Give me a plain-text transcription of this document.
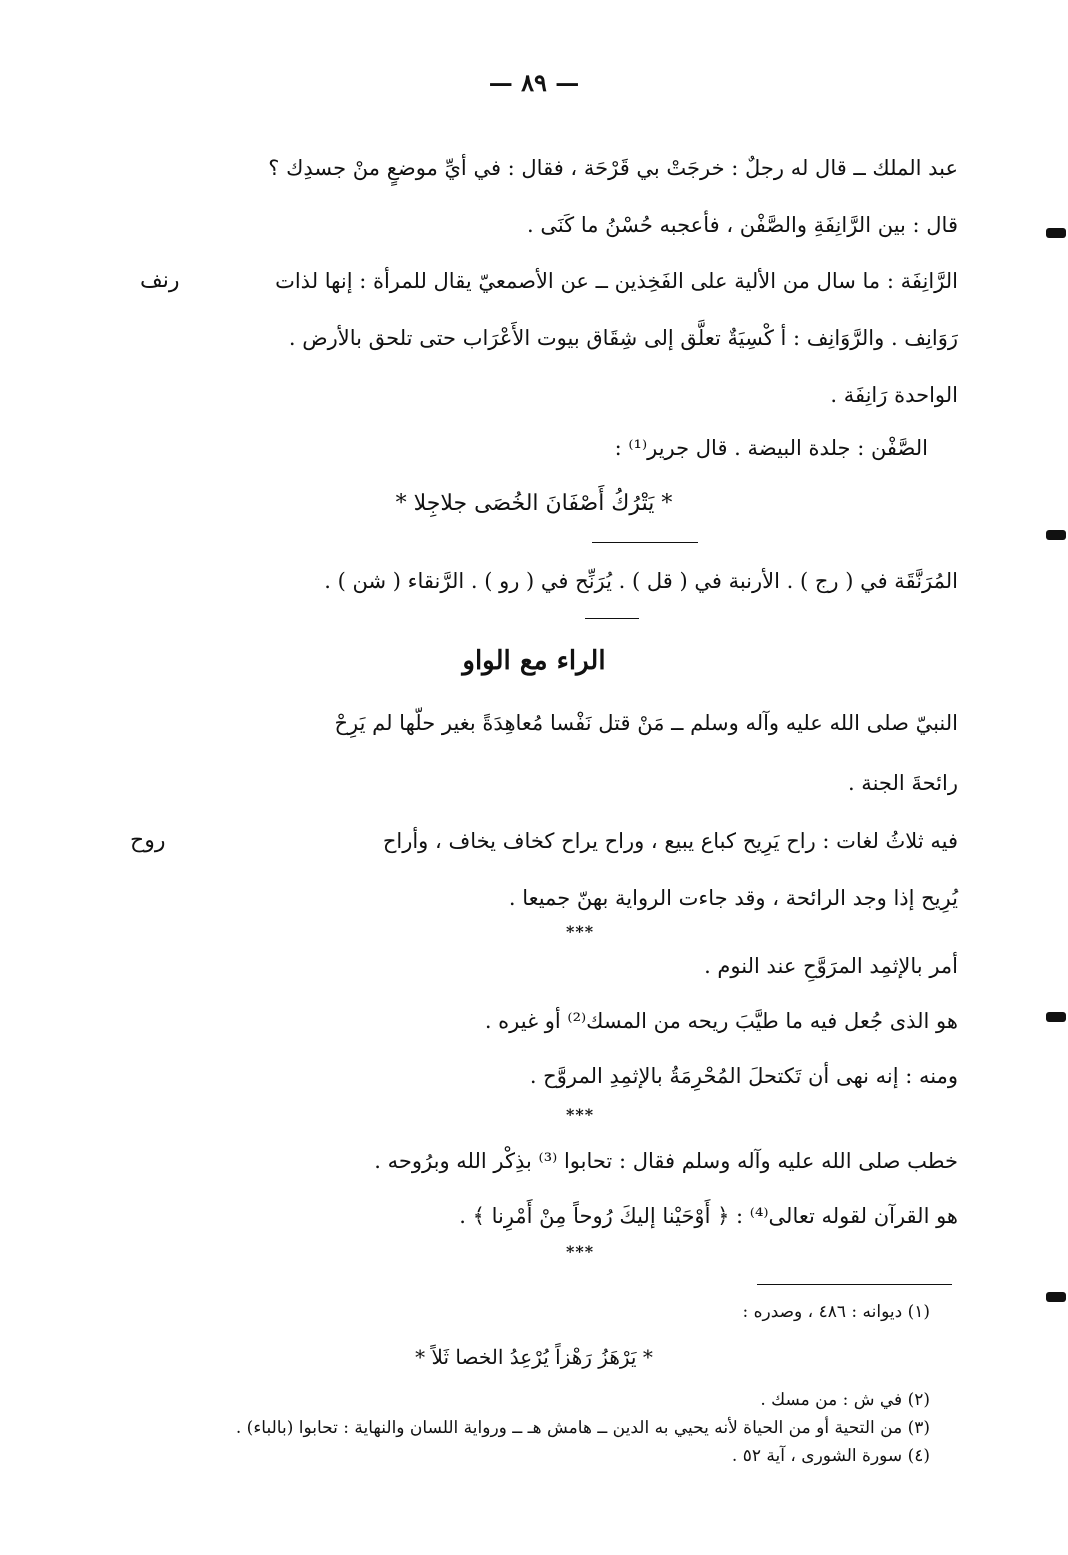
— ٨٩ —
رنف
روح
عبد الملك ــ قال له رجلٌ : خرجَتْ بي قَرْحَة ، فقال : في أيِّ موضعٍ منْ جسدِك ؟
قال : بين الرَّانِفَةِ والصَّفْن ، فأعجبه حُسْنُ ما كَنَى .
الرَّانِفَة : ما سال من الألية على الفَخِذين ــ عن الأصمعيّ يقال للمرأة : إنها لذات
رَوَانِف . والرَّوَانِف : أ كْسِيَةٌ تعلَّق إلى شِقَاق بيوت الأَعْرَاب حتى تلحق بالأرض .
الواحدة رَانِفَة .
الصَّفْن : جلدة البيضة . قال جرير⁽¹⁾ :
* يَتْرُكُ أَصْفَانَ الخُصَى جلاجِلا *
المُرَنَّقَة في ( رج ) . الأرنبة في ( قل ) . يُرَنِّح في ( رو ) . الرَّنقاء ( شن ) .
الراء مع الواو
النبيّ صلى الله عليه وآله وسلم ــ مَنْ قتل نَفْسا مُعاهِدَةً بغير حلّها لم يَرِحْ
رائحةَ الجنة .
فيه ثلاثُ لغات : راح يَرِيح كباع يبيع ، وراح يراح كخاف يخاف ، وأراح
يُرِيح إذا وجد الرائحة ، وقد جاءت الرواية بهنّ جميعا .
***
أمر بالإثمِد المرَوَّحِ عند النوم .
هو الذى جُعل فيه ما طيَّبَ ريحه من المسك⁽²⁾ أو غيره .
ومنه : إنه نهى أن تَكتحلَ المُحْرِمَةُ بالإثمِدِ المروَّح .
***
خطب صلى الله عليه وآله وسلم فقال : تحابوا ⁽³⁾ بذِكْر الله وبرُوحه .
هو القرآن لقوله تعالى⁽⁴⁾ : ﴿ أَوْحَيْنا إليكَ رُوحاً مِنْ أَمْرِنا ﴾ .
***
(١) ديوانه : ٤٨٦ ، وصدره :
* يَرْهَزُ رَهْزاً يُرْعِدُ الخصا ثَلاً *
(٢) في ش : من مسك .
(٣) من التحية أو من الحياة لأنه يحيي به الدين ــ هامش هـ ــ ورواية اللسان والنهاية : تحابوا (بالباء) .
(٤) سورة الشورى ، آية ٥٢ .
